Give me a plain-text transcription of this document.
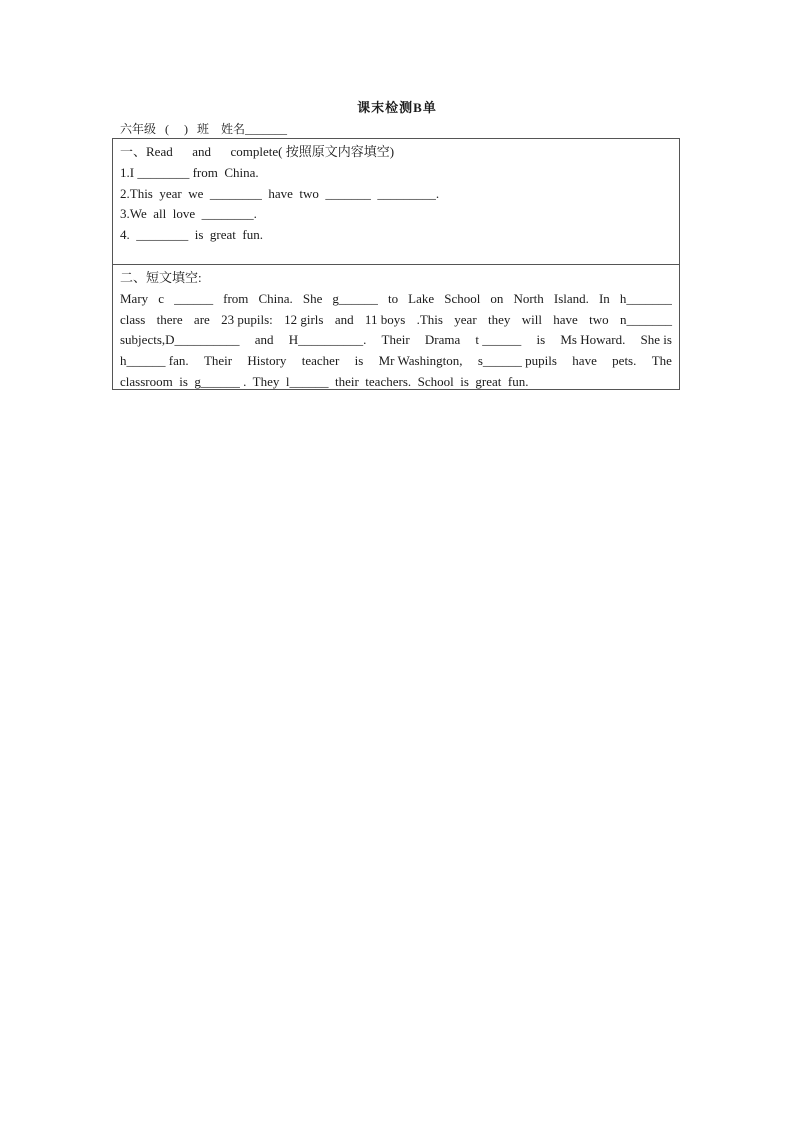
课末检测B单
六年级   (     )   班    姓名_______
一、Read      and      complete( 按照原文内容填空)
1.I ________ from  China.
2.This  year  we  ________  have  two  _______  _________.
3.We  all  love  ________.
4.  ________  is  great  fun.
二、短文填空:
Mary c ______ from China. She g______ to Lake School on North Island. In h_______
class there are 23 pupils: 12 girls and 11 boys .This year they will have two n_______
subjects,D__________ and H__________. Their Drama t ______ is Ms Howard. She is
h______ fan. Their History teacher is Mr Washington, s______ pupils have pets. The
classroom  is  g______ .  They  l______  their  teachers.  School  is  great  fun.
